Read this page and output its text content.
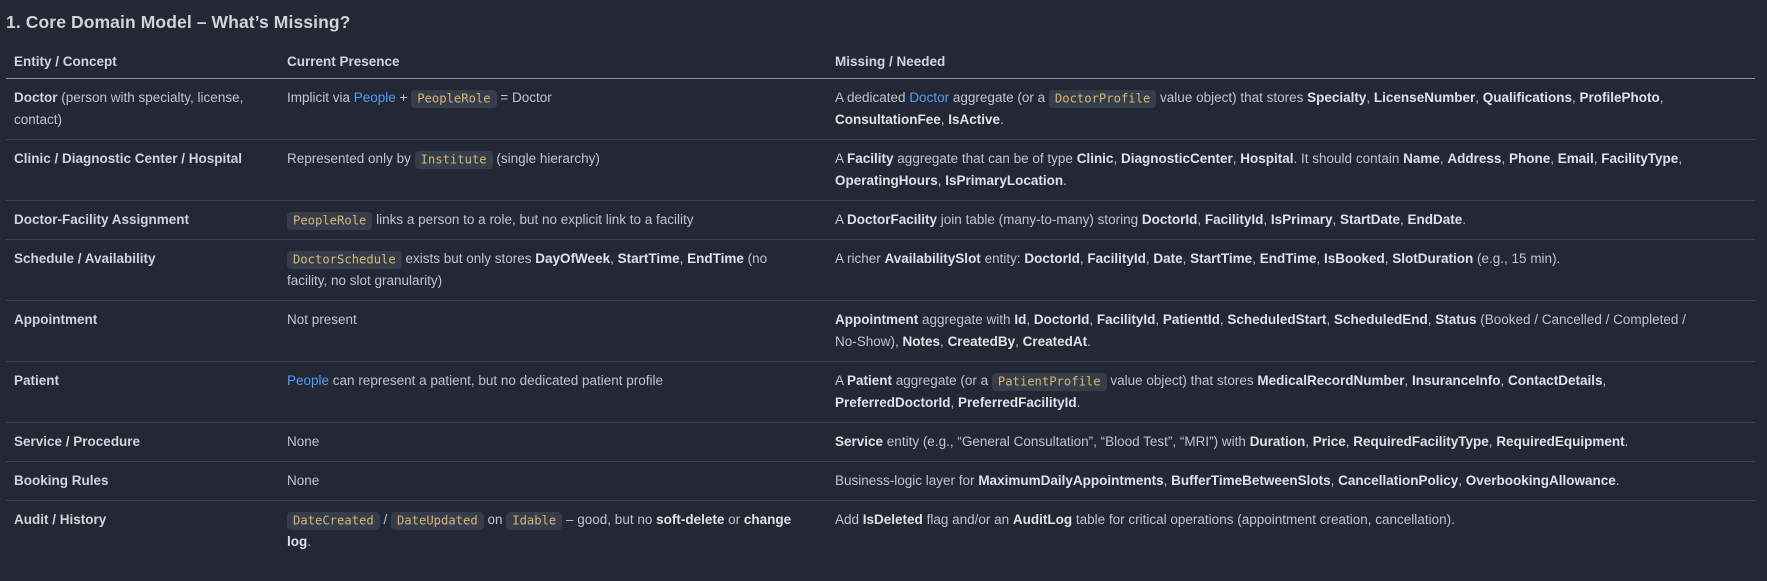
1. Core Domain Model – What’s Missing?
Entity / Concept	Current Presence	Missing / Needed
Doctor (person with specialty, license, contact)	Implicit via People + PeopleRole = Doctor	A dedicated Doctor aggregate (or a DoctorProfile value object) that stores Specialty, LicenseNumber, Qualifications, ProfilePhoto, ConsultationFee, IsActive.
Clinic / Diagnostic Center / Hospital	Represented only by Institute (single hierarchy)	A Facility aggregate that can be of type Clinic, DiagnosticCenter, Hospital. It should contain Name, Address, Phone, Email, FacilityType, OperatingHours, IsPrimaryLocation.
Doctor-Facility Assignment	PeopleRole links a person to a role, but no explicit link to a facility	A DoctorFacility join table (many-to-many) storing DoctorId, FacilityId, IsPrimary, StartDate, EndDate.
Schedule / Availability	DoctorSchedule exists but only stores DayOfWeek, StartTime, EndTime (no facility, no slot granularity)	A richer AvailabilitySlot entity: DoctorId, FacilityId, Date, StartTime, EndTime, IsBooked, SlotDuration (e.g., 15 min).
Appointment	Not present	Appointment aggregate with Id, DoctorId, FacilityId, PatientId, ScheduledStart, ScheduledEnd, Status (Booked / Cancelled / Completed / No-Show), Notes, CreatedBy, CreatedAt.
Patient	People can represent a patient, but no dedicated patient profile	A Patient aggregate (or a PatientProfile value object) that stores MedicalRecordNumber, InsuranceInfo, ContactDetails, PreferredDoctorId, PreferredFacilityId.
Service / Procedure	None	Service entity (e.g., “General Consultation”, “Blood Test”, “MRI”) with Duration, Price, RequiredFacilityType, RequiredEquipment.
Booking Rules	None	Business-logic layer for MaximumDailyAppointments, BufferTimeBetweenSlots, CancellationPolicy, OverbookingAllowance.
Audit / History	DateCreated / DateUpdated on Idable – good, but no soft-delete or change log.	Add IsDeleted flag and/or an AuditLog table for critical operations (appointment creation, cancellation).
